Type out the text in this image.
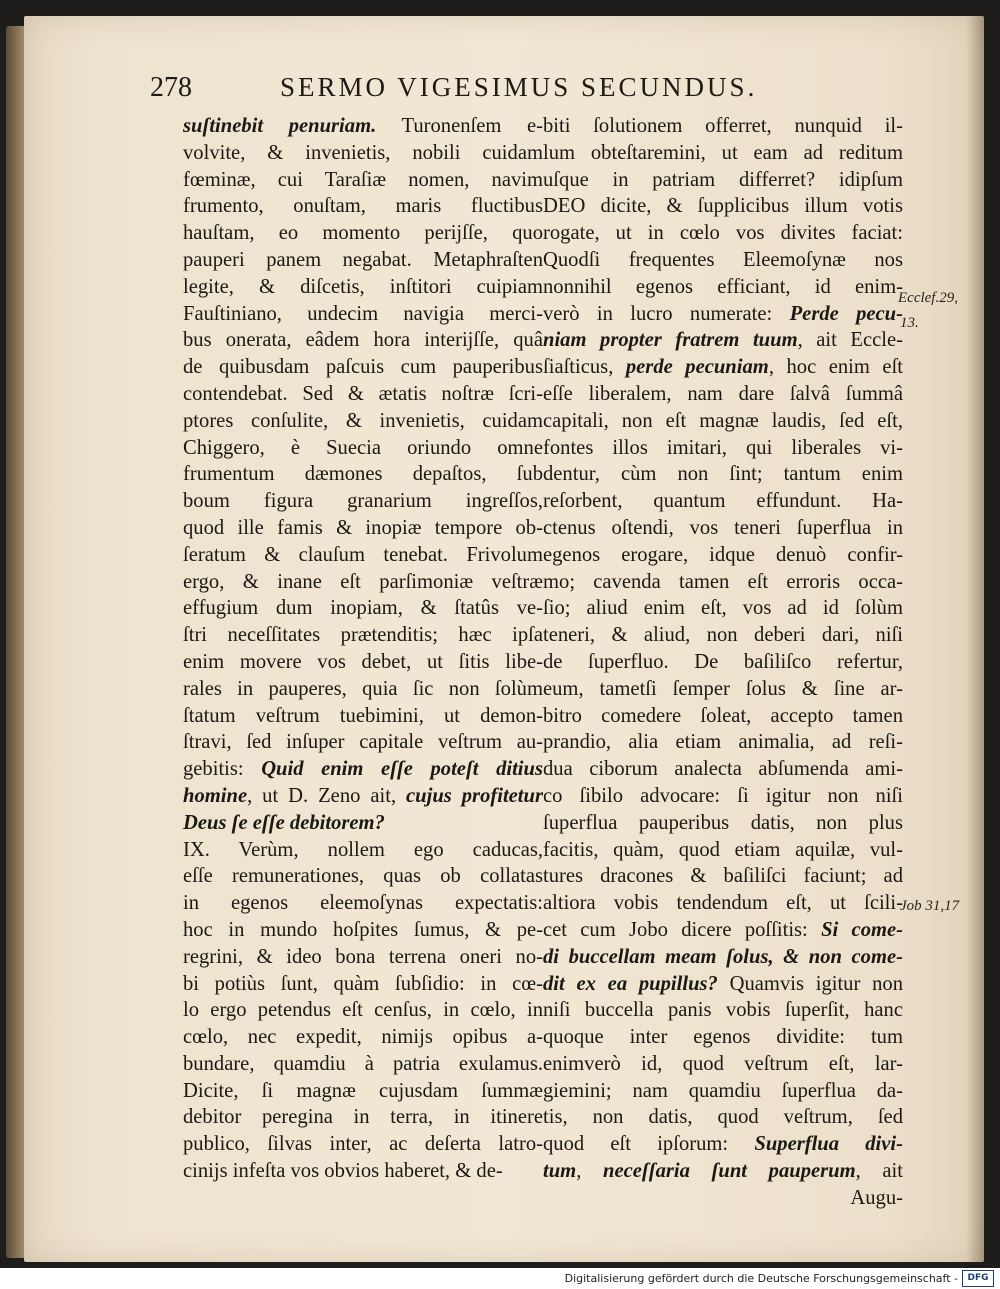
278	SERMO VIGESIMUS SECUNDUS.
suſtinebit penuriam. Turonenſem e-
volvite, & invenietis, nobili cuidam
fœminæ, cui Taraſiæ nomen, navim
frumento, onuſtam, maris fluctibus
hauſtam, eo momento perijſſe, quo
pauperi panem negabat. Metaphraſten
legite, & diſcetis, inſtitori cuipiam
Fauſtiniano, undecim navigia merci-
bus onerata, eâdem hora interijſſe, quâ
de quibusdam paſcuis cum pauperibus
contendebat. Sed & ætatis noſtræ ſcri-
ptores conſulite, & invenietis, cuidam
Chiggero, è Suecia oriundo omne
frumentum dæmones depaſtos, ſub
boum figura granarium ingreſſos,
quod ille famis & inopiæ tempore ob-
ſeratum & clauſum tenebat. Frivolum
ergo, & inane eſt parſimoniæ veſtræ
effugium dum inopiam, & ſtatûs ve-
ſtri neceſſitates prætenditis; hæc ipſa
enim movere vos debet, ut ſitis libe-
rales in pauperes, quia ſic non ſolùm
ſtatum veſtrum tuebimini, ut demon-
ſtravi, ſed inſuper capitale veſtrum au-
gebitis: Quid enim eſſe poteſt ditius
homine, ut D. Zeno ait, cujus profitetur
Deus ſe eſſe debitorem?
IX. Verùm, nollem ego caducas,
eſſe remunerationes, quas ob collatas
in egenos eleemoſynas expectatis:
hoc in mundo hoſpites ſumus, & pe-
regrini, & ideo bona terrena oneri no-
bi potiùs ſunt, quàm ſubſidio: in cœ-
lo ergo petendus eſt cenſus, in cœlo, in
cœlo, nec expedit, nimijs opibus a-
bundare, quamdiu à patria exulamus.
Dicite, ſi magnæ cujusdam ſummæ
debitor peregina in terra, in itinere
publico, ſilvas inter, ac deſerta latro-
cinijs infeſta vos obvios haberet, & de-
biti ſolutionem offerret, nunquid il-
lum obteſtaremini, ut eam ad reditum
uſque in patriam differret? idipſum
DEO dicite, & ſupplicibus illum votis
rogate, ut in cœlo vos divites faciat:
Quodſi frequentes Eleemoſynæ nos
nonnihil egenos efficiant, id enim-
verò in lucro numerate: Perde pecu-
niam propter fratrem tuum, ait Eccle-
ſiaſticus, perde pecuniam, hoc enim eſt
eſſe liberalem, nam dare ſalvâ ſummâ
capitali, non eſt magnæ laudis, ſed eſt,
fontes illos imitari, qui liberales vi-
dentur, cùm non ſint; tantum enim
reſorbent, quantum effundunt. Ha-
ctenus oſtendi, vos teneri ſuperflua in
egenos erogare, idque denuò confir-
mo; cavenda tamen eſt erroris occa-
ſio; aliud enim eſt, vos ad id ſolùm
teneri, & aliud, non deberi dari, niſi
de ſuperfluo. De baſiliſco refertur,
eum, tametſi ſemper ſolus & ſine ar-
bitro comedere ſoleat, accepto tamen
prandio, alia etiam animalia, ad reſi-
dua ciborum analecta abſumenda ami-
co ſibilo advocare: ſi igitur non niſi
ſuperflua pauperibus datis, non plus
facitis, quàm, quod etiam aquilæ, vul-
tures dracones & baſiliſci faciunt; ad
altiora vobis tendendum eſt, ut ſcili-
cet cum Jobo dicere poſſitis: Si come-
di buccellam meam ſolus, & non come-
dit ex ea pupillus? Quamvis igitur non
niſi buccella panis vobis ſuperſit, hanc
quoque inter egenos dividite: tum
enimverò id, quod veſtrum eſt, lar-
giemini; nam quamdiu ſuperflua da-
tis, non datis, quod veſtrum, ſed
quod eſt ipſorum: Superflua divi-
tum, neceſſaria ſunt pauperum, ait
Augu-
Ecclef.29,
13.
Job 31,17
Digitalisierung gefördert durch die Deutsche Forschungsgemeinschaft -	DFG
